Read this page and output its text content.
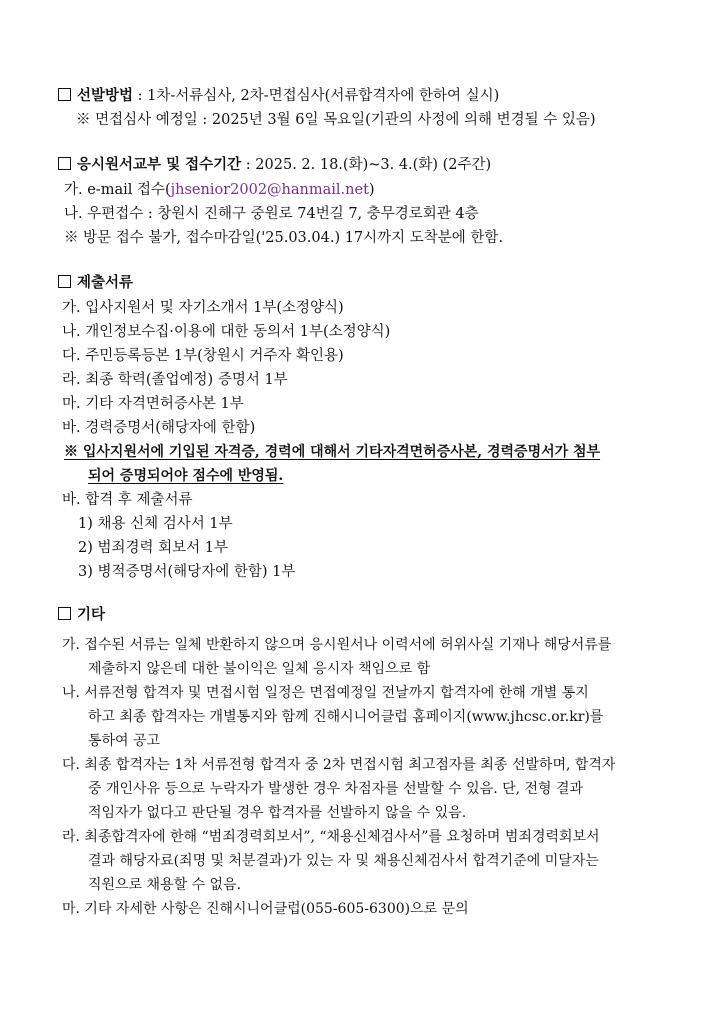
선발방법 : 1차-서류심사, 2차-면접심사(서류합격자에 한하여 실시)
※ 면접심사 예정일 : 2025년 3월 6일 목요일(기관의 사정에 의해 변경될 수 있음)
응시원서교부 및 접수기간 : 2025. 2. 18.(화)~3. 4.(화) (2주간)
가. e-mail 접수(jhsenior2002@hanmail.net)
나. 우편접수 : 창원시 진해구 중원로 74번길 7, 충무경로회관 4층
※ 방문 접수 불가, 접수마감일('25.03.04.) 17시까지 도착분에 한함.
제출서류
가. 입사지원서 및 자기소개서 1부(소정양식)
나. 개인정보수집·이용에 대한 동의서 1부(소정양식)
다. 주민등록등본 1부(창원시 거주자 확인용)
라. 최종 학력(졸업예정) 증명서 1부
마. 기타 자격면허증사본 1부
바. 경력증명서(해당자에 한함)
※ 입사지원서에 기입된 자격증, 경력에 대해서 기타자격면허증사본, 경력증명서가 첨부
되어 증명되어야 점수에 반영됨.
바. 합격 후 제출서류
1) 채용 신체 검사서 1부
2) 범죄경력 회보서 1부
3) 병적증명서(해당자에 한함) 1부
기타
가. 접수된 서류는 일체 반환하지 않으며 응시원서나 이력서에 허위사실 기재나 해당서류를
제출하지 않은데 대한 불이익은 일체 응시자 책임으로 함
나. 서류전형 합격자 및 면접시험 일정은 면접예정일 전날까지 합격자에 한해 개별 통지
하고 최종 합격자는 개별통지와 함께 진해시니어클럽 홈페이지(www.jhcsc.or.kr)를
통하여 공고
다. 최종 합격자는 1차 서류전형 합격자 중 2차 면접시험 최고점자를 최종 선발하며, 합격자
중 개인사유 등으로 누락자가 발생한 경우 차점자를 선발할 수 있음. 단, 전형 결과
적임자가 없다고 판단될 경우 합격자를 선발하지 않을 수 있음.
라. 최종합격자에 한해 “범죄경력회보서”, “채용신체검사서”를 요청하며 범죄경력회보서
결과 해당자료(죄명 및 처분결과)가 있는 자 및 채용신체검사서 합격기준에 미달자는
직원으로 채용할 수 없음.
마. 기타 자세한 사항은 진해시니어클럽(055-605-6300)으로 문의
